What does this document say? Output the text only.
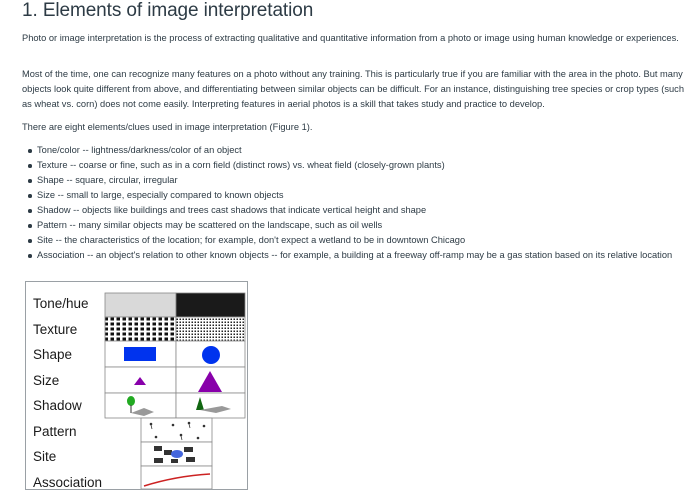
1. Elements of image interpretation

Photo or image interpretation is the process of extracting qualitative and quantitative information from a photo or image using human knowledge or experiences.

Most of the time, one can recognize many features on a photo without any training. This is particularly true if you are familiar with the area in the photo. But many objects look quite different from above, and differentiating between similar objects can be difficult. For an instance, distinguishing tree species or crop types (such as wheat vs. corn) does not come easily. Interpreting features in aerial photos is a skill that takes study and practice to develop.

There are eight elements/clues used in image interpretation (Figure 1).

Tone/color -- lightness/darkness/color of an object
Texture -- coarse or fine, such as in a corn field (distinct rows) vs. wheat field (closely-grown plants)
Shape -- square, circular, irregular
Size -- small to large, especially compared to known objects
Shadow -- objects like buildings and trees cast shadows that indicate vertical height and shape
Pattern -- many similar objects may be scattered on the landscape, such as oil wells
Site -- the characteristics of the location; for example, don't expect a wetland to be in downtown Chicago
Association -- an object's relation to other known objects -- for example, a building at a freeway off-ramp may be a gas station based on its relative location
Tone/hue
Texture
Shape
Size
Shadow
Pattern
Site
Association
